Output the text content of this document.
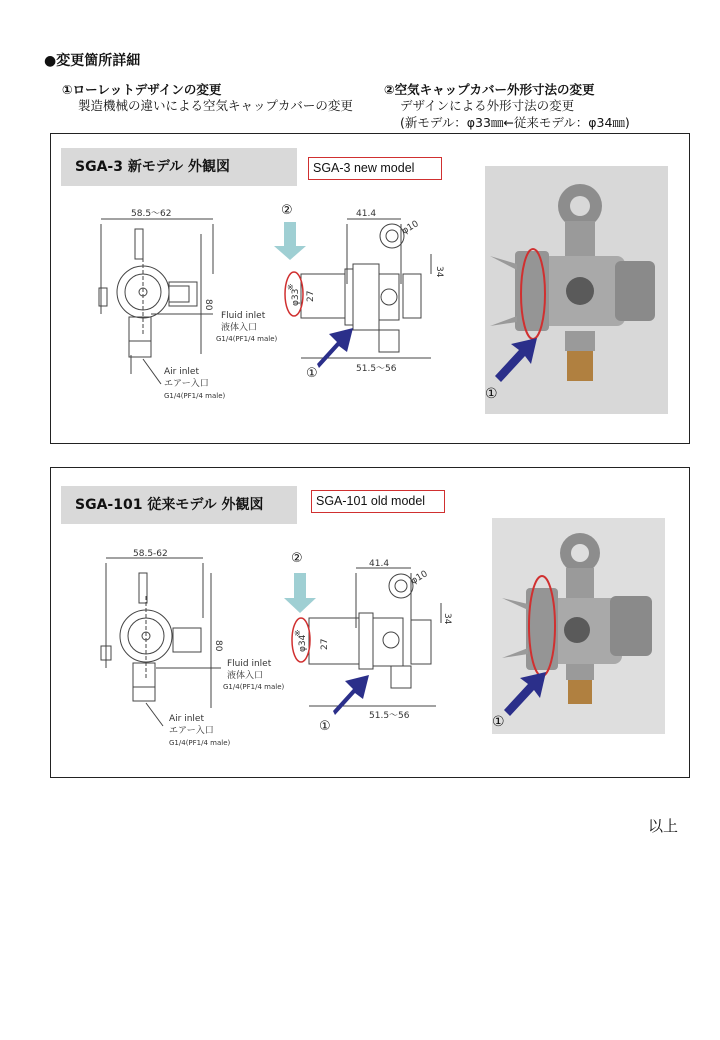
●変更箇所詳細
①ローレットデザインの変更
製造機械の違いによる空気キャップカバーの変更
②空気キャップカバー外形寸法の変更
デザインによる外形寸法の変更
(新モデル：φ33㎜←従来モデル：φ34㎜)
SGA-3 新モデル 外観図	SGA-3 new model
58.5～62
80
Fluid inlet
液体入口
G1/4(PF1/4 male)
Air inlet
エアー入口
G1/4(PF1/4 male)
41.4
φ10
34
27
51.5～56
φ33
※
②
①
①
SGA-101 従来モデル 外観図	SGA-101 old model
58.5-62
80
Fluid inlet
液体入口
G1/4(PF1/4 male)
Air inlet
エアー入口
G1/4(PF1/4 male)
41.4
φ10
34
27
51.5～56
φ34
※
②
①	①
以上
